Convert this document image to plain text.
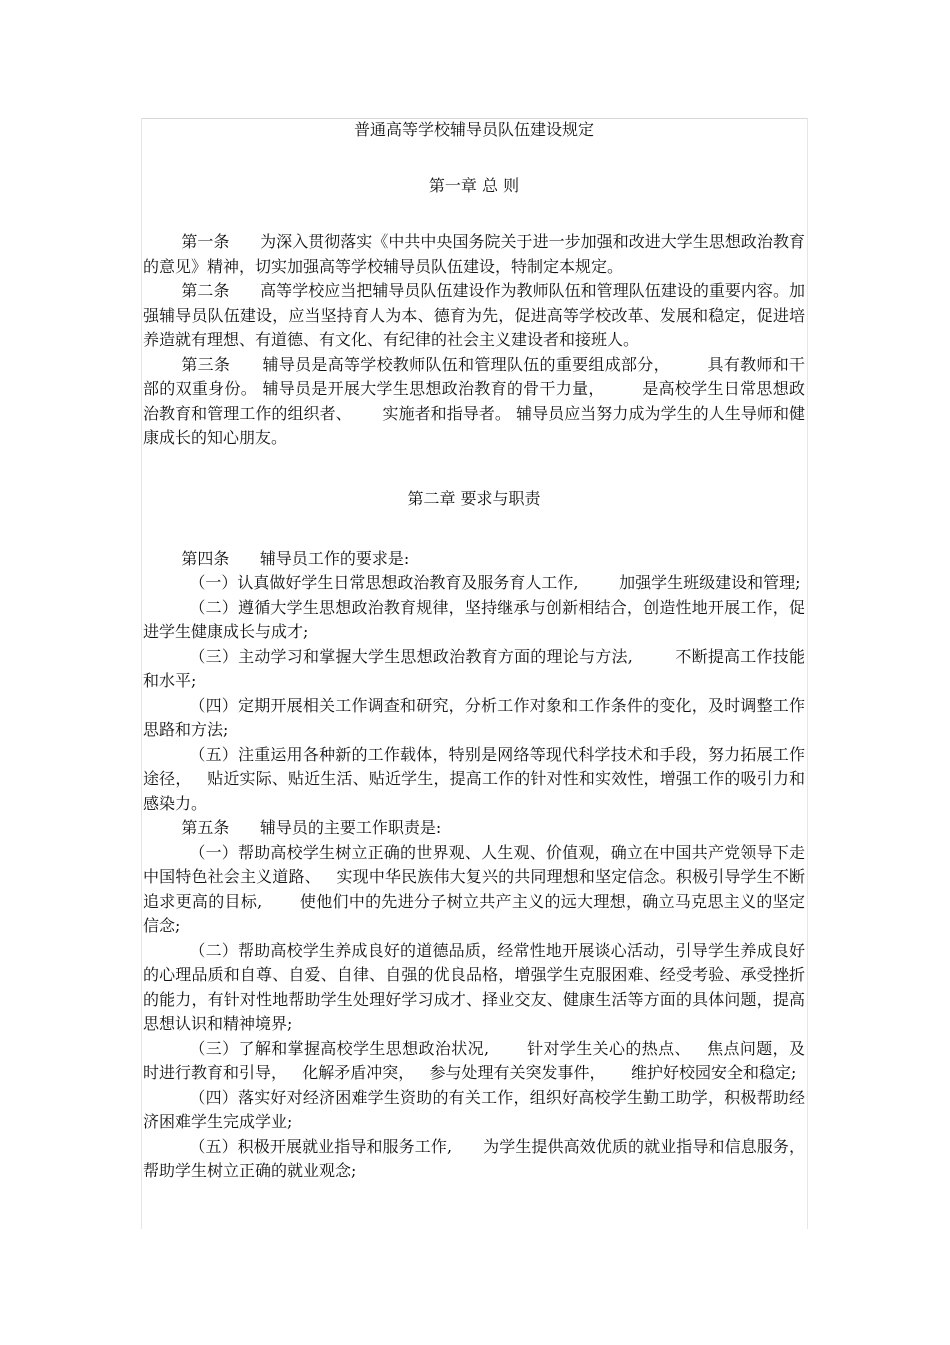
普通高等学校辅导员队伍建设规定

第一章 总 则

第一条      为深入贯彻落实《中共中央国务院关于进一步加强和改进大学生思想政治教育的意见》精神，切实加强高等学校辅导员队伍建设，特制定本规定。

第二条      高等学校应当把辅导员队伍建设作为教师队伍和管理队伍建设的重要内容。加强辅导员队伍建设，应当坚持育人为本、德育为先，促进高等学校改革、发展和稳定，促进培养造就有理想、有道德、有文化、有纪律的社会主义建设者和接班人。

第三条      辅导员是高等学校教师队伍和管理队伍的重要组成部分，       具有教师和干部的双重身份。 辅导员是开展大学生思想政治教育的骨干力量，       是高校学生日常思想政治教育和管理工作的组织者、      实施者和指导者。 辅导员应当努力成为学生的人生导师和健康成长的知心朋友。

第二章 要求与职责

第四条      辅导员工作的要求是:

（一）认真做好学生日常思想政治教育及服务育人工作,        加强学生班级建设和管理;

（二）遵循大学生思想政治教育规律，坚持继承与创新相结合，创造性地开展工作，促进学生健康成长与成才;

（三）主动学习和掌握大学生思想政治教育方面的理论与方法,        不断提高工作技能和水平;

（四）定期开展相关工作调查和研究，分析工作对象和工作条件的变化，及时调整工作思路和方法;

（五）注重运用各种新的工作载体，特别是网络等现代科学技术和手段，努力拓展工作途径，   贴近实际、贴近生活、贴近学生，提高工作的针对性和实效性，增强工作的吸引力和感染力。

第五条      辅导员的主要工作职责是:

（一）帮助高校学生树立正确的世界观、人生观、价值观，确立在中国共产党领导下走中国特色社会主义道路、   实现中华民族伟大复兴的共同理想和坚定信念。积极引导学生不断追求更高的目标,       使他们中的先进分子树立共产主义的远大理想，确立马克思主义的坚定信念;

（二）帮助高校学生养成良好的道德品质，经常性地开展谈心活动，引导学生养成良好的心理品质和自尊、自爱、自律、自强的优良品格，增强学生克服困难、经受考验、承受挫折的能力，有针对性地帮助学生处理好学习成才、择业交友、健康生活等方面的具体问题，提高思想认识和精神境界;

（三）了解和掌握高校学生思想政治状况,       针对学生关心的热点、   焦点问题，及时进行教育和引导，   化解矛盾冲突，   参与处理有关突发事件，     维护好校园安全和稳定;

（四）落实好对经济困难学生资助的有关工作，组织好高校学生勤工助学，积极帮助经济困难学生完成学业;

（五）积极开展就业指导和服务工作,      为学生提供高效优质的就业指导和信息服务，帮助学生树立正确的就业观念;
